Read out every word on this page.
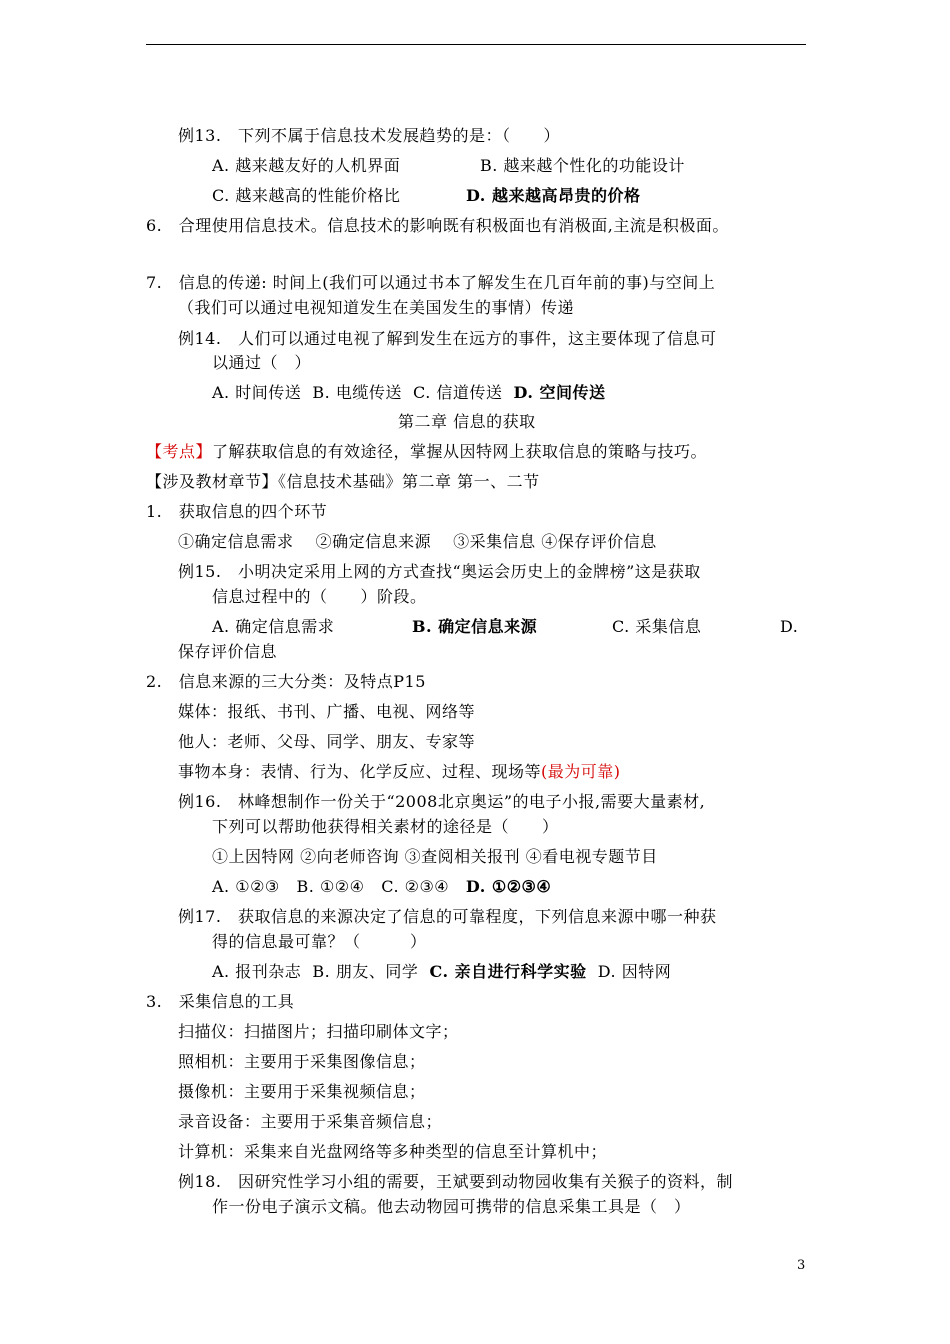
例13.　下列不属于信息技术发展趋势的是：（　　）
A. 越来越友好的人机界面	B. 越来越个性化的功能设计
C. 越来越高的性能价格比	D. 越来越高昂贵的价格
6.　合理使用信息技术。信息技术的影响既有积极面也有消极面,主流是积极面。
7.　信息的传递: 时间上(我们可以通过书本了解发生在几百年前的事)与空间上
（我们可以通过电视知道发生在美国发生的事情）传递
例14.　人们可以通过电视了解到发生在远方的事件，这主要体现了信息可
以通过（　）
A. 时间传送 B. 电缆传送 C. 信道传送 D. 空间传送
第二章 信息的获取
【考点】了解获取信息的有效途径，掌握从因特网上获取信息的策略与技巧。
【涉及教材章节】《信息技术基础》第二章 第一、二节
1.　获取信息的四个环节
①确定信息需求　 ②确定信息来源　 ③采集信息 ④保存评价信息
例15.　小明决定采用上网的方式查找“奥运会历史上的金牌榜”这是获取
信息过程中的（　　）阶段。
A. 确定信息需求	B. 确定信息来源	C. 采集信息	D.
保存评价信息
2.　信息来源的三大分类：及特点P15
媒体：报纸、书刊、广播、电视、网络等
他人：老师、父母、同学、朋友、专家等
事物本身：表情、行为、化学反应、过程、现场等(最为可靠)
例16.　林峰想制作一份关于“2008北京奥运”的电子小报,需要大量素材,
下列可以帮助他获得相关素材的途径是（　　）
①上因特网 ②向老师咨询 ③查阅相关报刊 ④看电视专题节目
A. ①②③ B. ①②④ C. ②③④ D. ①②③④
例17.　获取信息的来源决定了信息的可靠程度，下列信息来源中哪一种获
得的信息最可靠？（　　　）
A. 报刊杂志 B. 朋友、同学 C. 亲自进行科学实验 D. 因特网
3.　采集信息的工具
扫描仪：扫描图片；扫描印刷体文字；
照相机：主要用于采集图像信息；
摄像机：主要用于采集视频信息；
录音设备：主要用于采集音频信息；
计算机：采集来自光盘网络等多种类型的信息至计算机中；
例18.　因研究性学习小组的需要，王斌要到动物园收集有关猴子的资料，制
作一份电子演示文稿。他去动物园可携带的信息采集工具是（　）
3
